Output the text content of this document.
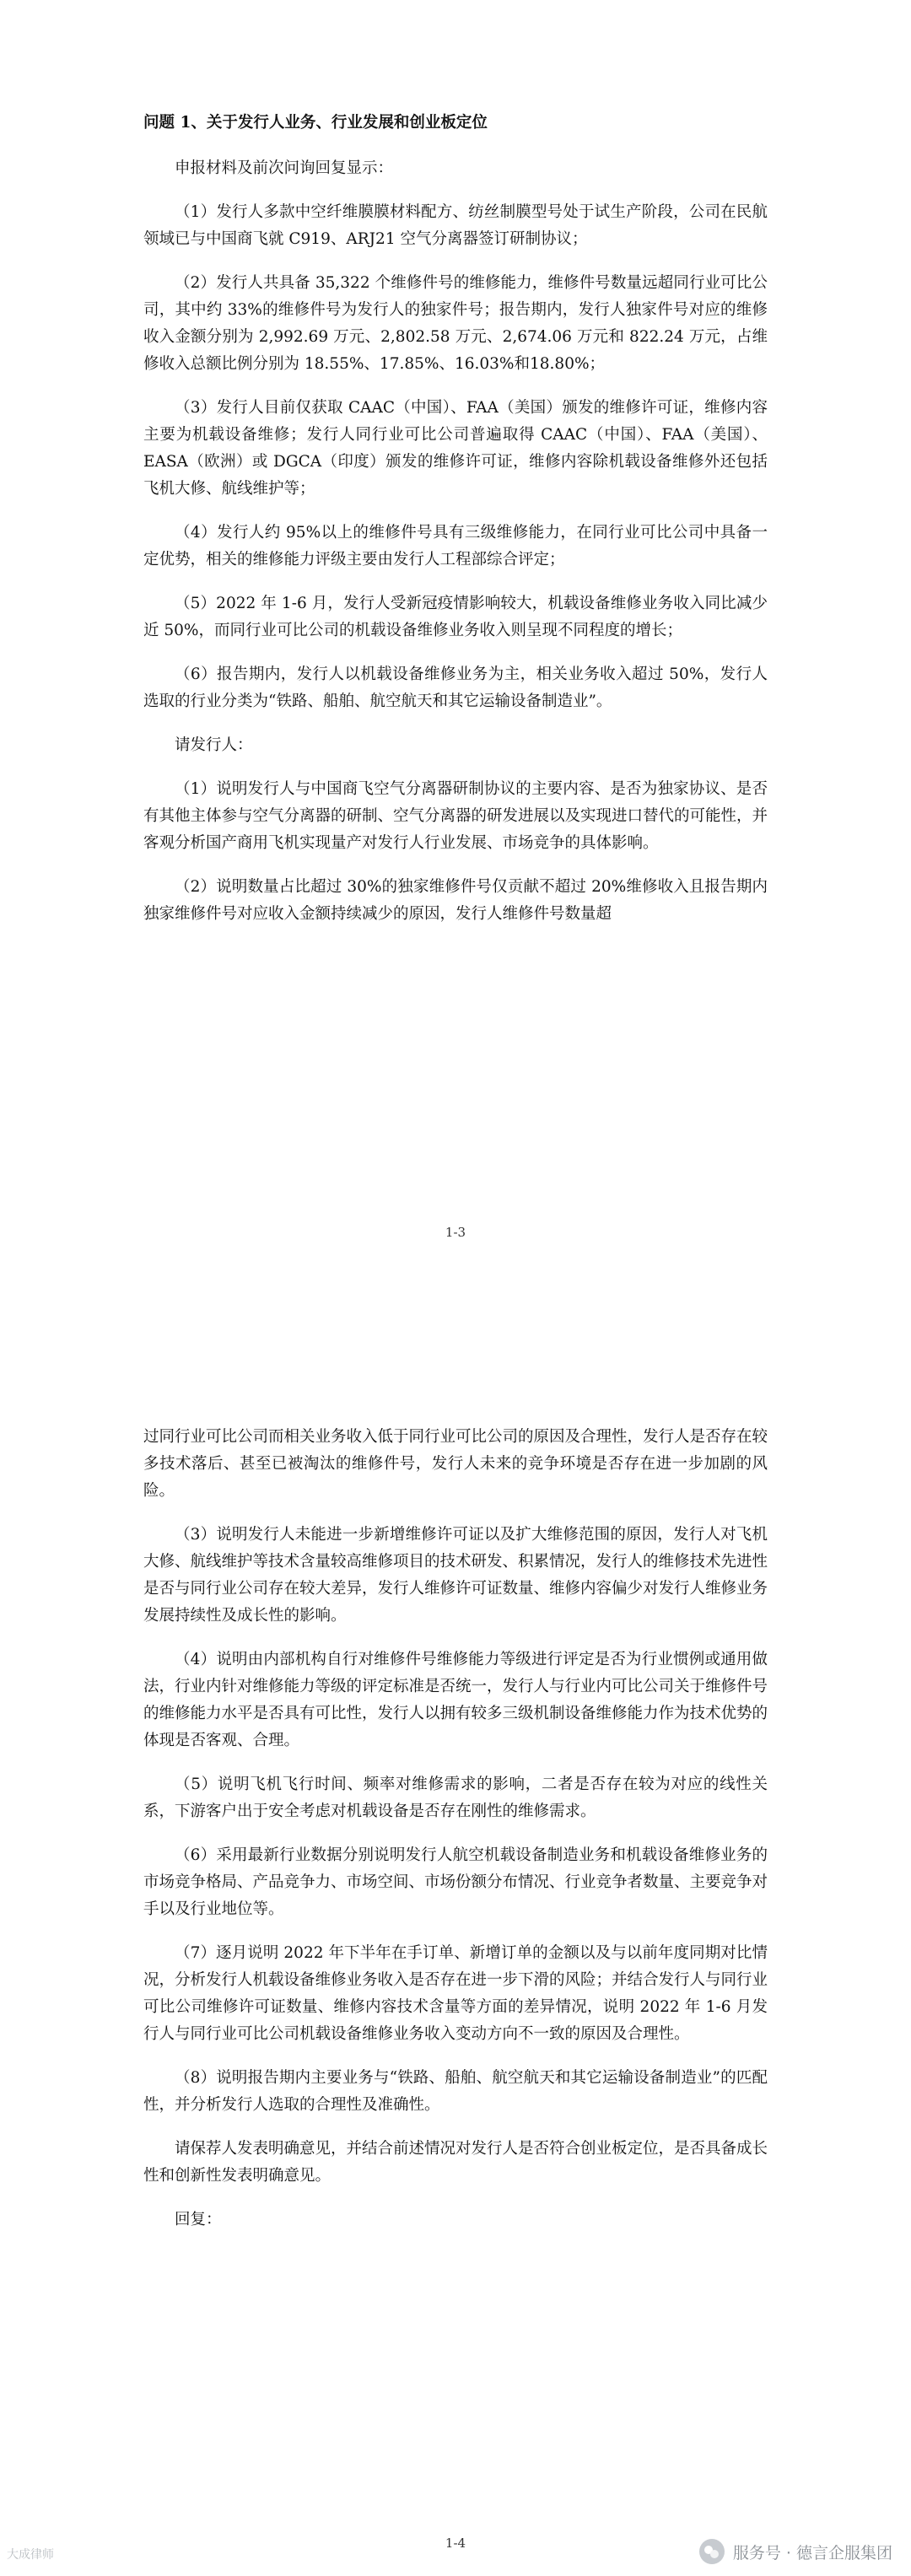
问题 1、关于发行人业务、行业发展和创业板定位

申报材料及前次问询回复显示：

（1）发行人多款中空纤维膜膜材料配方、纺丝制膜型号处于试生产阶段，公司在民航领域已与中国商飞就 C919、ARJ21 空气分离器签订研制协议；

（2）发行人共具备 35,322 个维修件号的维修能力，维修件号数量远超同行业可比公司，其中约 33%的维修件号为发行人的独家件号；报告期内，发行人独家件号对应的维修收入金额分别为 2,992.69 万元、2,802.58 万元、2,674.06 万元和 822.24 万元，占维修收入总额比例分别为 18.55%、17.85%、16.03%和18.80%；

（3）发行人目前仅获取 CAAC（中国）、FAA（美国）颁发的维修许可证，维修内容主要为机载设备维修；发行人同行业可比公司普遍取得 CAAC（中国）、FAA（美国）、EASA（欧洲）或 DGCA（印度）颁发的维修许可证，维修内容除机载设备维修外还包括飞机大修、航线维护等；

（4）发行人约 95%以上的维修件号具有三级维修能力，在同行业可比公司中具备一定优势，相关的维修能力评级主要由发行人工程部综合评定；

（5）2022 年 1-6 月，发行人受新冠疫情影响较大，机载设备维修业务收入同比减少近 50%，而同行业可比公司的机载设备维修业务收入则呈现不同程度的增长；

（6）报告期内，发行人以机载设备维修业务为主，相关业务收入超过 50%，发行人选取的行业分类为“铁路、船舶、航空航天和其它运输设备制造业”。

请发行人：

（1）说明发行人与中国商飞空气分离器研制协议的主要内容、是否为独家协议、是否有其他主体参与空气分离器的研制、空气分离器的研发进展以及实现进口替代的可能性，并客观分析国产商用飞机实现量产对发行人行业发展、市场竞争的具体影响。

（2）说明数量占比超过 30%的独家维修件号仅贡献不超过 20%维修收入且报告期内独家维修件号对应收入金额持续减少的原因，发行人维修件号数量超

1-3

过同行业可比公司而相关业务收入低于同行业可比公司的原因及合理性，发行人是否存在较多技术落后、甚至已被淘汰的维修件号，发行人未来的竞争环境是否存在进一步加剧的风险。

（3）说明发行人未能进一步新增维修许可证以及扩大维修范围的原因，发行人对飞机大修、航线维护等技术含量较高维修项目的技术研发、积累情况，发行人的维修技术先进性是否与同行业公司存在较大差异，发行人维修许可证数量、维修内容偏少对发行人维修业务发展持续性及成长性的影响。

（4）说明由内部机构自行对维修件号维修能力等级进行评定是否为行业惯例或通用做法，行业内针对维修能力等级的评定标准是否统一，发行人与行业内可比公司关于维修件号的维修能力水平是否具有可比性，发行人以拥有较多三级机制设备维修能力作为技术优势的体现是否客观、合理。

（5）说明飞机飞行时间、频率对维修需求的影响，二者是否存在较为对应的线性关系，下游客户出于安全考虑对机载设备是否存在刚性的维修需求。

（6）采用最新行业数据分别说明发行人航空机载设备制造业务和机载设备维修业务的市场竞争格局、产品竞争力、市场空间、市场份额分布情况、行业竞争者数量、主要竞争对手以及行业地位等。

（7）逐月说明 2022 年下半年在手订单、新增订单的金额以及与以前年度同期对比情况，分析发行人机载设备维修业务收入是否存在进一步下滑的风险；并结合发行人与同行业可比公司维修许可证数量、维修内容技术含量等方面的差异情况，说明 2022 年 1-6 月发行人与同行业可比公司机载设备维修业务收入变动方向不一致的原因及合理性。

（8）说明报告期内主要业务与“铁路、船舶、航空航天和其它运输设备制造业”的匹配性，并分析发行人选取的合理性及准确性。

请保荐人发表明确意见，并结合前述情况对发行人是否符合创业板定位，是否具备成长性和创新性发表明确意见。

回复：

1-4
大成律师	服务号 · 德言企服集团
